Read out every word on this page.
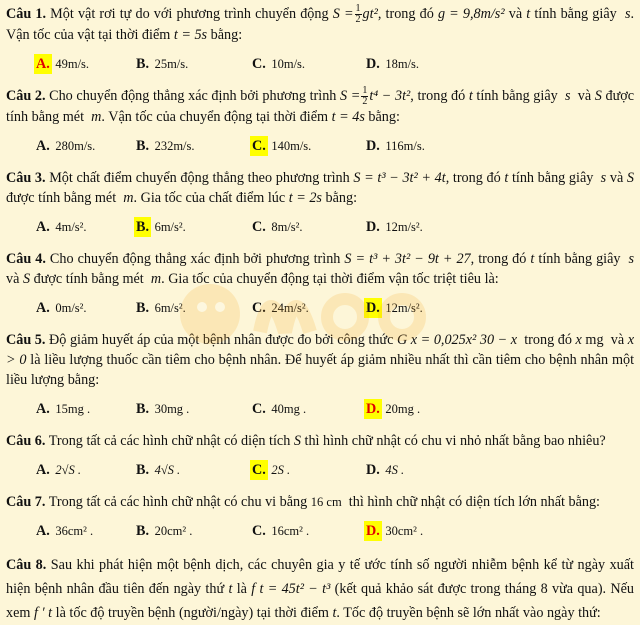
Câu 1. Một vật rơi tự do với phương trình chuyển động $S = \frac{1}{2} gt^2$, trong đó g = 9,8m/s² và t tính bằng giây s. Vận tốc của vật tại thời điểm t = 5s bằng:

A. 49m/s.	B. 25m/s.	C. 10m/s.	D. 18m/s.

Câu 2. Cho chuyển động thẳng xác định bởi phương trình $S = \frac{1}{2} t^4 - 3t^2$, trong đó t tính bằng giây s và S được tính bằng mét m. Vận tốc của chuyển động tại thời điểm t = 4s bằng:

A. 280m/s.	B. 232m/s.	C. 140m/s.	D. 116m/s.

Câu 3. Một chất điểm chuyển động thẳng theo phương trình S = t³ − 3t² + 4t, trong đó t tính bằng giây s và S được tính bằng mét m. Gia tốc của chất điểm lúc t = 2s bằng:

A. 4m/s².	B. 6m/s².	C. 8m/s².	D. 12m/s².

Câu 4. Cho chuyển động thẳng xác định bởi phương trình S = t³ + 3t² − 9t + 27, trong đó t tính bằng giây s và S được tính bằng mét m. Gia tốc của chuyển động tại thời điểm vận tốc triệt tiêu là:

A. 0m/s².	B. 6m/s².	C. 24m/s².	D. 12m/s².

Câu 5. Độ giảm huyết áp của một bệnh nhân được đo bởi công thức G x = 0,025x² 30 − x trong đó x mg và x > 0 là liều lượng thuốc cần tiêm cho bệnh nhân. Để huyết áp giảm nhiều nhất thì cần tiêm cho bệnh nhân một liều lượng bằng:

A. 15mg .	B. 30mg .	C. 40mg .	D. 20mg .

Câu 6. Trong tất cả các hình chữ nhật có diện tích S thì hình chữ nhật có chu vi nhỏ nhất bằng bao nhiêu?

A. 2√S .	B. 4√S .	C. 2S .	D. 4S .

Câu 7. Trong tất cả các hình chữ nhật có chu vi bằng 16 cm thì hình chữ nhật có diện tích lớn nhất bằng:

A. 36cm² .	B. 20cm² .	C. 16cm² .	D. 30cm² .

Câu 8. Sau khi phát hiện một bệnh dịch, các chuyên gia y tế ước tính số người nhiễm bệnh kể từ ngày xuất hiện bệnh nhân đầu tiên đến ngày thứ t là f t = 45t² − t³ (kết quả khảo sát được trong tháng 8 vừa qua). Nếu xem f ′ t là tốc độ truyền bệnh (người/ngày) tại thời điểm t. Tốc độ truyền bệnh sẽ lớn nhất vào ngày thứ:
